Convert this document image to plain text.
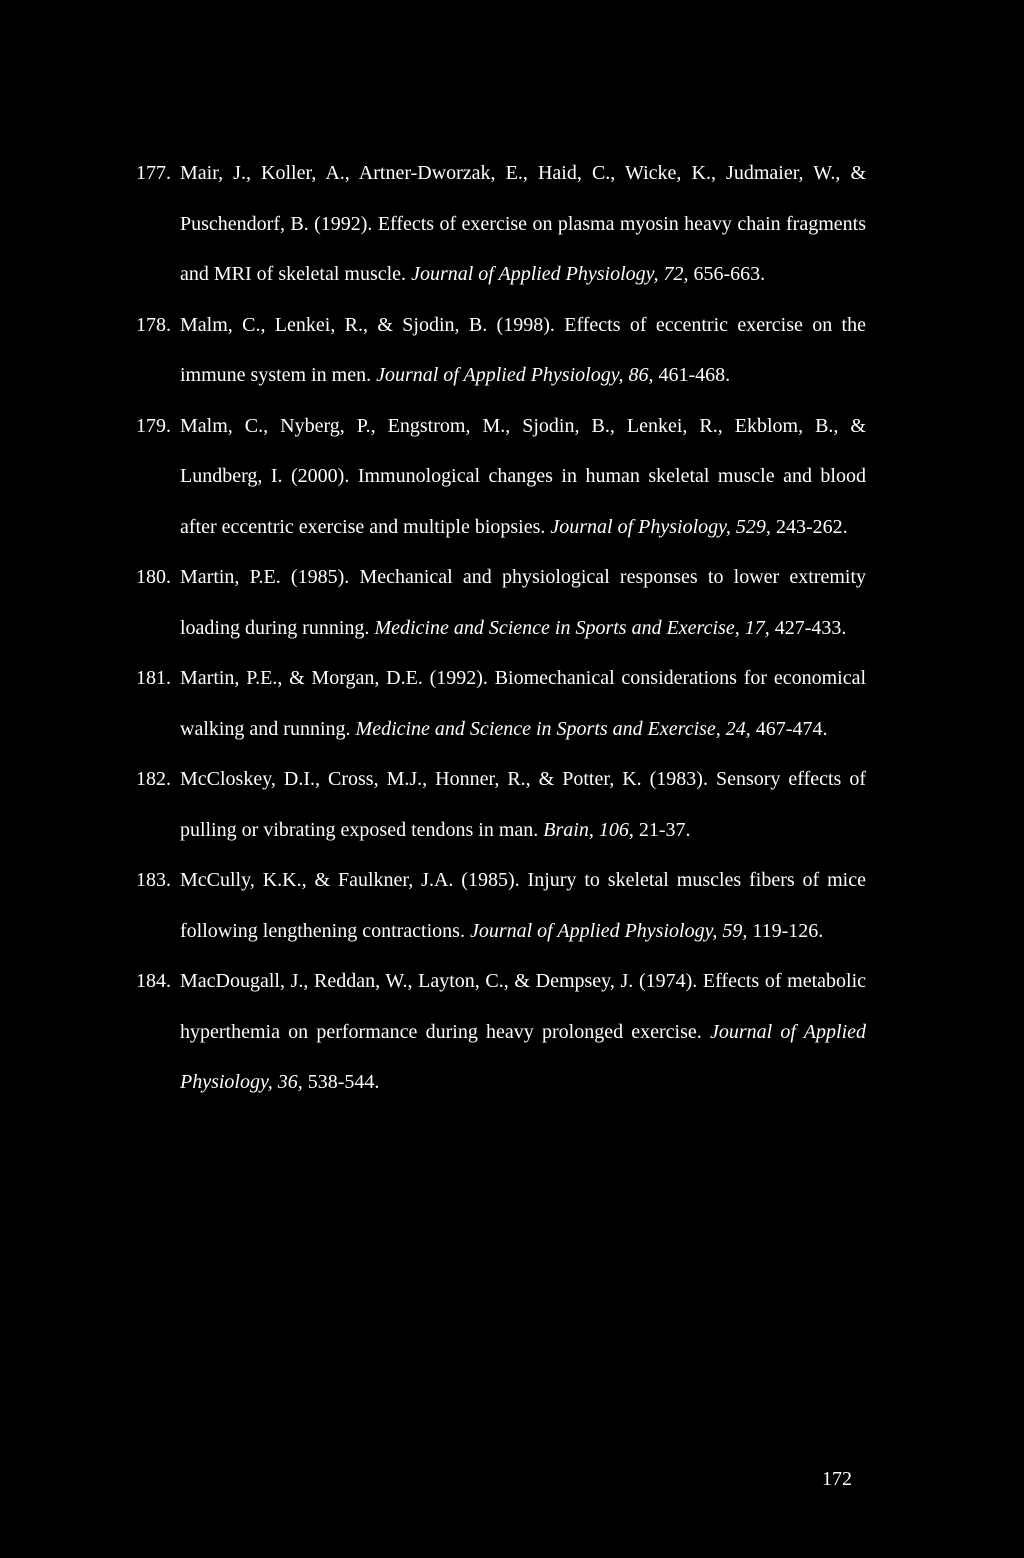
177. Mair, J., Koller, A., Artner-Dworzak, E., Haid, C., Wicke, K., Judmaier, W., & Puschendorf, B. (1992). Effects of exercise on plasma myosin heavy chain fragments and MRI of skeletal muscle. Journal of Applied Physiology, 72, 656-663.
178. Malm, C., Lenkei, R., & Sjodin, B. (1998). Effects of eccentric exercise on the immune system in men. Journal of Applied Physiology, 86, 461-468.
179. Malm, C., Nyberg, P., Engstrom, M., Sjodin, B., Lenkei, R., Ekblom, B., & Lundberg, I. (2000). Immunological changes in human skeletal muscle and blood after eccentric exercise and multiple biopsies. Journal of Physiology, 529, 243-262.
180. Martin, P.E. (1985). Mechanical and physiological responses to lower extremity loading during running. Medicine and Science in Sports and Exercise, 17, 427-433.
181. Martin, P.E., & Morgan, D.E. (1992). Biomechanical considerations for economical walking and running. Medicine and Science in Sports and Exercise, 24, 467-474.
182. McCloskey, D.I., Cross, M.J., Honner, R., & Potter, K. (1983). Sensory effects of pulling or vibrating exposed tendons in man. Brain, 106, 21-37.
183. McCully, K.K., & Faulkner, J.A. (1985). Injury to skeletal muscles fibers of mice following lengthening contractions. Journal of Applied Physiology, 59, 119-126.
184. MacDougall, J., Reddan, W., Layton, C., & Dempsey, J. (1974). Effects of metabolic hyperthemia on performance during heavy prolonged exercise. Journal of Applied Physiology, 36, 538-544.
172
